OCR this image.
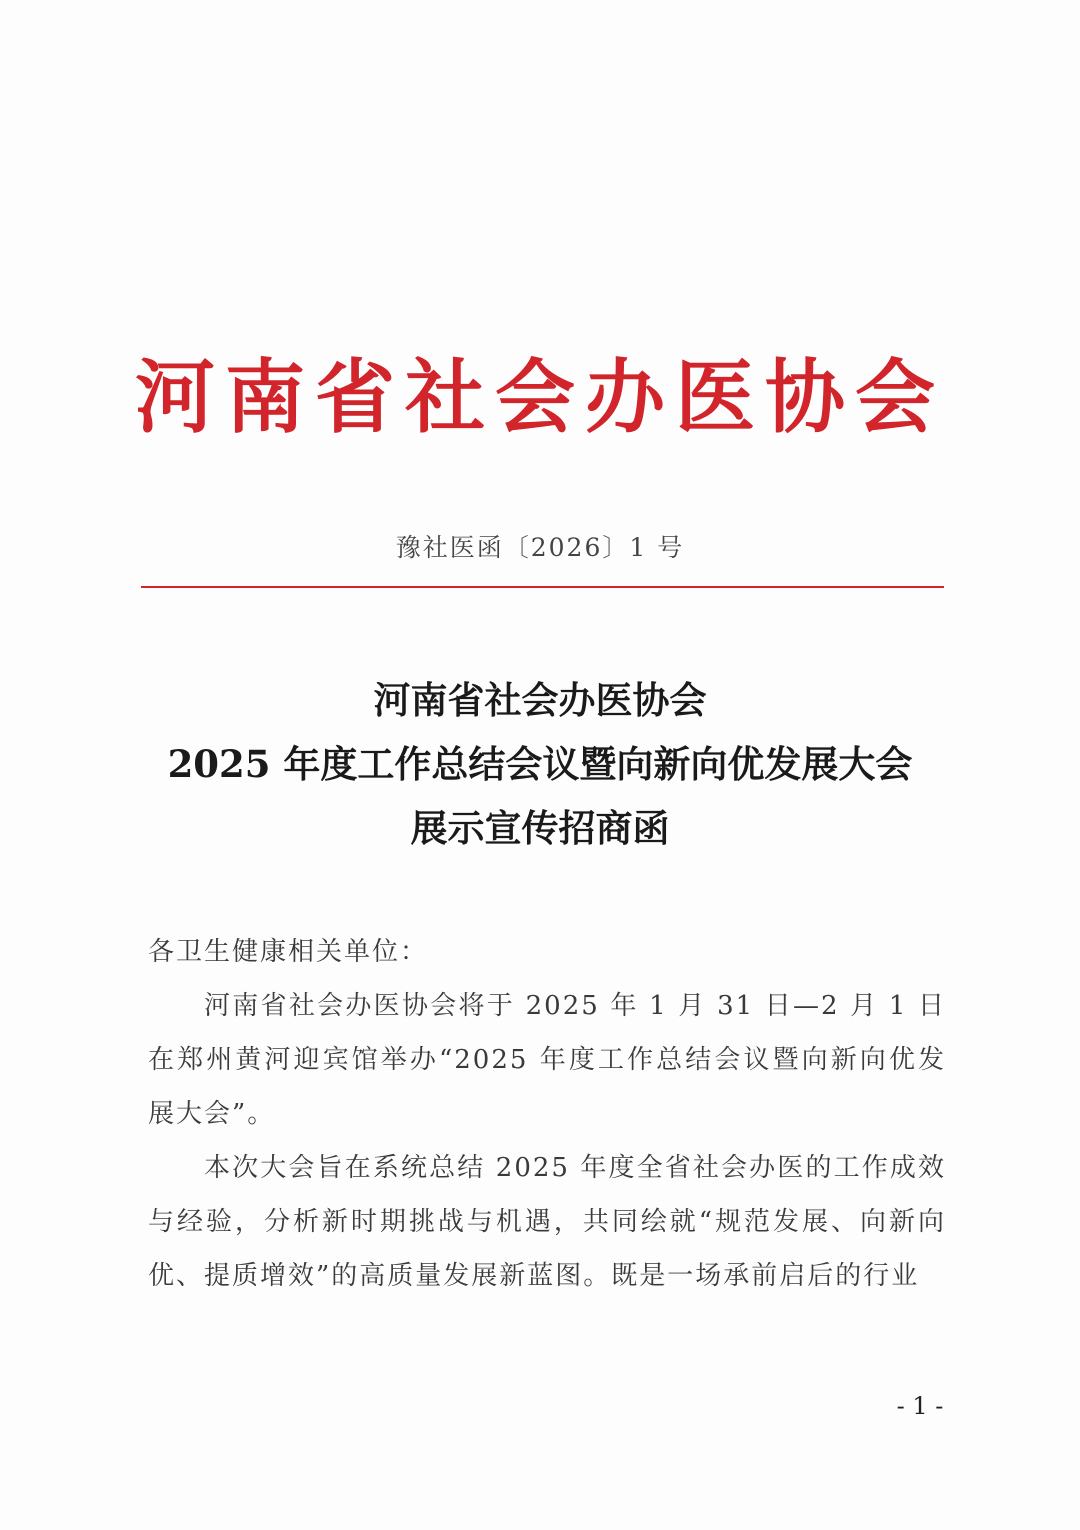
河南省社会办医协会
豫社医函〔2026〕1 号
河南省社会办医协会
2025 年度工作总结会议暨向新向优发展大会
展示宣传招商函

各卫生健康相关单位：

河南省社会办医协会将于 2025 年 1 月 31 日—2 月 1 日在郑州黄河迎宾馆举办“2025 年度工作总结会议暨向新向优发展大会”。

本次大会旨在系统总结 2025 年度全省社会办医的工作成效与经验，分析新时期挑战与机遇，共同绘就“规范发展、向新向优、提质增效”的高质量发展新蓝图。既是一场承前启后的行业

- 1 -
